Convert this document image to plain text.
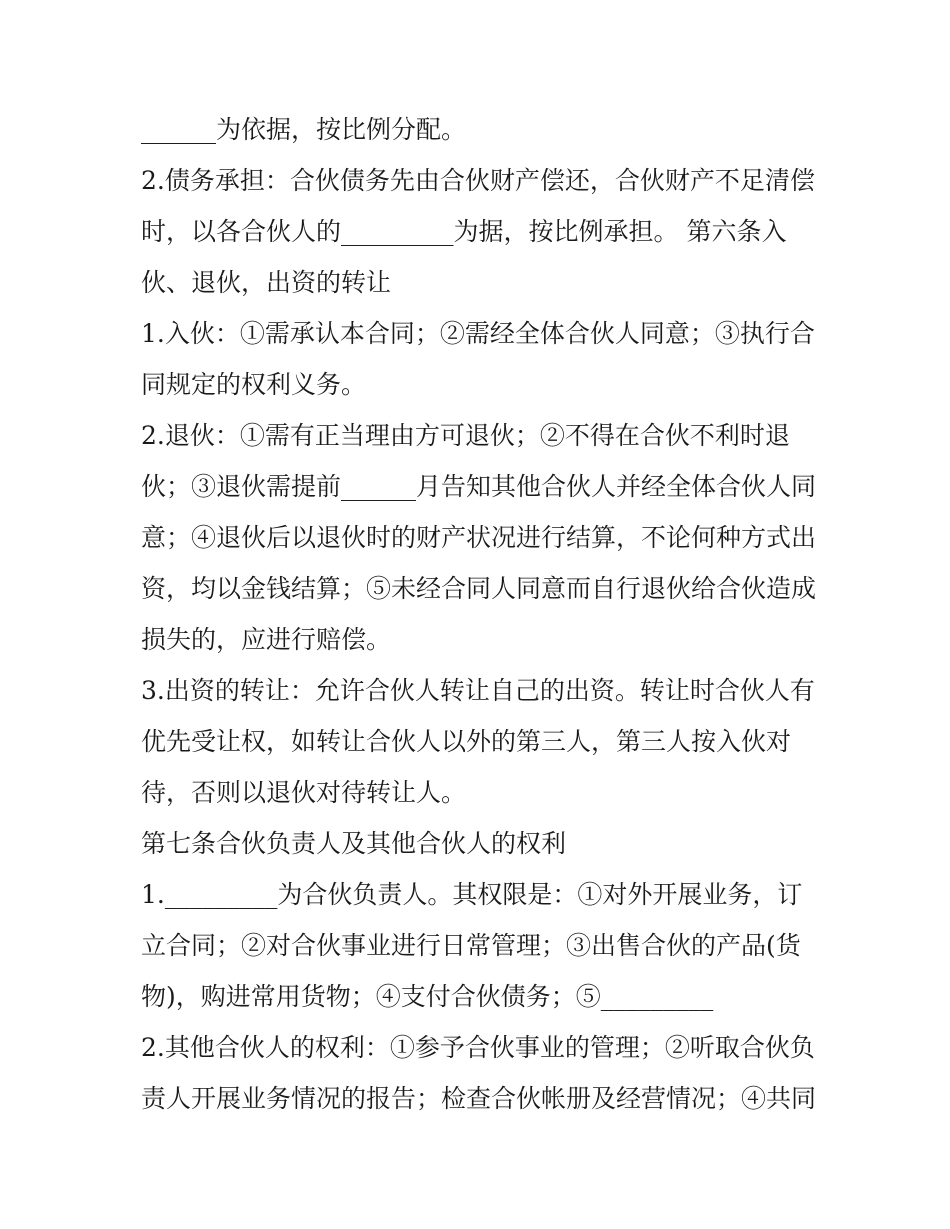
______为依据，按比例分配。
2.债务承担：合伙债务先由合伙财产偿还，合伙财产不足清偿
时，以各合伙人的_________为据，按比例承担。 第六条入
伙、退伙，出资的转让
1.入伙：①需承认本合同；②需经全体合伙人同意；③执行合
同规定的权利义务。
2.退伙：①需有正当理由方可退伙；②不得在合伙不利时退
伙；③退伙需提前______月告知其他合伙人并经全体合伙人同
意；④退伙后以退伙时的财产状况进行结算，不论何种方式出
资，均以金钱结算；⑤未经合同人同意而自行退伙给合伙造成
损失的，应进行赔偿。
3.出资的转让：允许合伙人转让自己的出资。转让时合伙人有
优先受让权，如转让合伙人以外的第三人，第三人按入伙对
待，否则以退伙对待转让人。
第七条合伙负责人及其他合伙人的权利
1._________为合伙负责人。其权限是：①对外开展业务，订
立合同；②对合伙事业进行日常管理；③出售合伙的产品(货
物)，购进常用货物；④支付合伙债务；⑤_________
2.其他合伙人的权利：①参予合伙事业的管理；②听取合伙负
责人开展业务情况的报告；检查合伙帐册及经营情况；④共同
